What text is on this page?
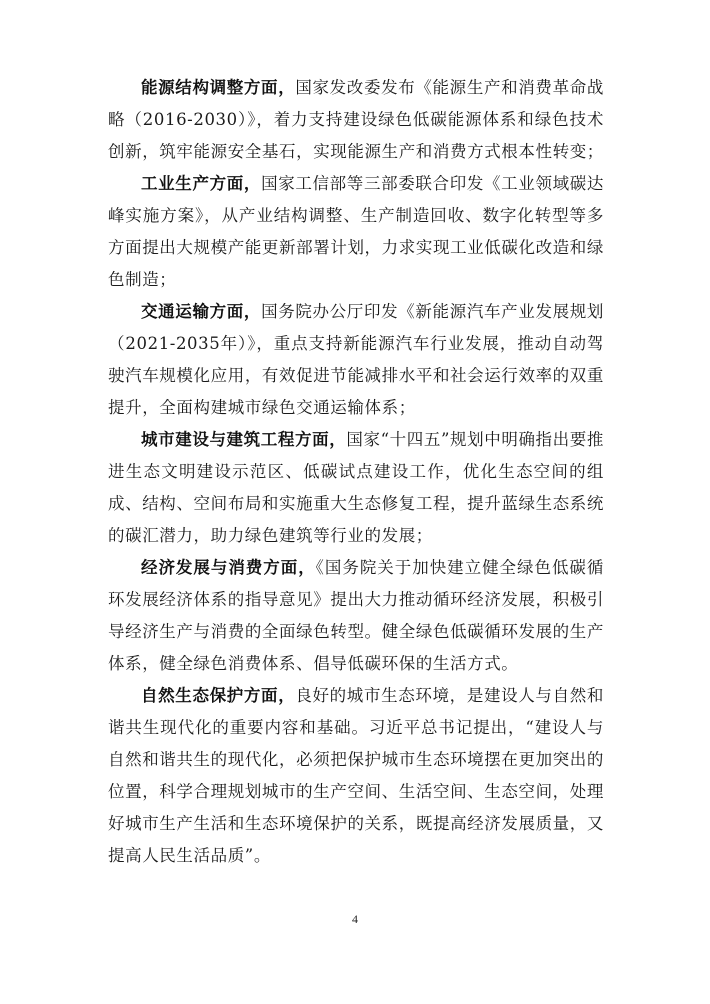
能源结构调整方面，国家发改委发布《能源生产和消费革命战略（2016-2030）》，着力支持建设绿色低碳能源体系和绿色技术创新，筑牢能源安全基石，实现能源生产和消费方式根本性转变；

工业生产方面，国家工信部等三部委联合印发《工业领域碳达峰实施方案》，从产业结构调整、生产制造回收、数字化转型等多方面提出大规模产能更新部署计划，力求实现工业低碳化改造和绿色制造；

交通运输方面，国务院办公厅印发《新能源汽车产业发展规划（2021-2035年）》，重点支持新能源汽车行业发展，推动自动驾驶汽车规模化应用，有效促进节能减排水平和社会运行效率的双重提升，全面构建城市绿色交通运输体系；

城市建设与建筑工程方面，国家“十四五”规划中明确指出要推进生态文明建设示范区、低碳试点建设工作，优化生态空间的组成、结构、空间布局和实施重大生态修复工程，提升蓝绿生态系统的碳汇潜力，助力绿色建筑等行业的发展；

经济发展与消费方面，《国务院关于加快建立健全绿色低碳循环发展经济体系的指导意见》提出大力推动循环经济发展，积极引导经济生产与消费的全面绿色转型。健全绿色低碳循环发展的生产体系，健全绿色消费体系、倡导低碳环保的生活方式。

自然生态保护方面，良好的城市生态环境，是建设人与自然和谐共生现代化的重要内容和基础。习近平总书记提出，“建设人与自然和谐共生的现代化，必须把保护城市生态环境摆在更加突出的位置，科学合理规划城市的生产空间、生活空间、生态空间，处理好城市生产生活和生态环境保护的关系，既提高经济发展质量，又提高人民生活品质”。

4
